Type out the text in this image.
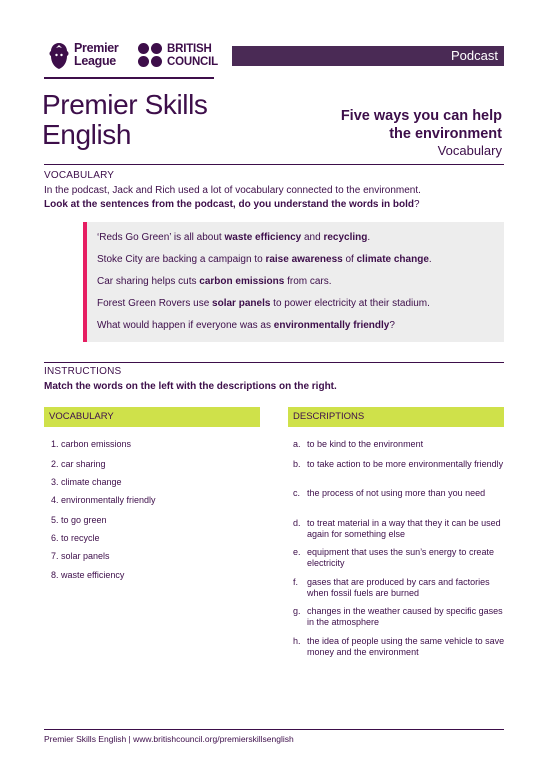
Premier
League
BRITISH
COUNCIL	Podcast
Premier Skills
English
Five ways you can help
the environment
Vocabulary
VOCABULARY
In the podcast, Jack and Rich used a lot of vocabulary connected to the environment.
Look at the sentences from the podcast, do you understand the words in bold?
‘Reds Go Green’ is all about waste efficiency and recycling.
Stoke City are backing a campaign to raise awareness of climate change.
Car sharing helps cuts carbon emissions from cars.
Forest Green Rovers use solar panels to power electricity at their stadium.
What would happen if everyone was as environmentally friendly?
INSTRUCTIONS
Match the words on the left with the descriptions on the right.
VOCABULARY	DESCRIPTIONS
1. carbon emissions
2. car sharing
3. climate change
4. environmentally friendly
5. to go green
6. to recycle
7. solar panels
8. waste efficiency
a. to be kind to the environment
b. to take action to be more environmentally friendly
c. the process of not using more than you need
d. to treat material in a way that they it can be used again for something else
e. equipment that uses the sun’s energy to create electricity
f. gases that are produced by cars and factories when fossil fuels are burned
g. changes in the weather caused by specific gases in the atmosphere
h. the idea of people using the same vehicle to save money and the environment
Premier Skills English | www.britishcouncil.org/premierskillsenglish
